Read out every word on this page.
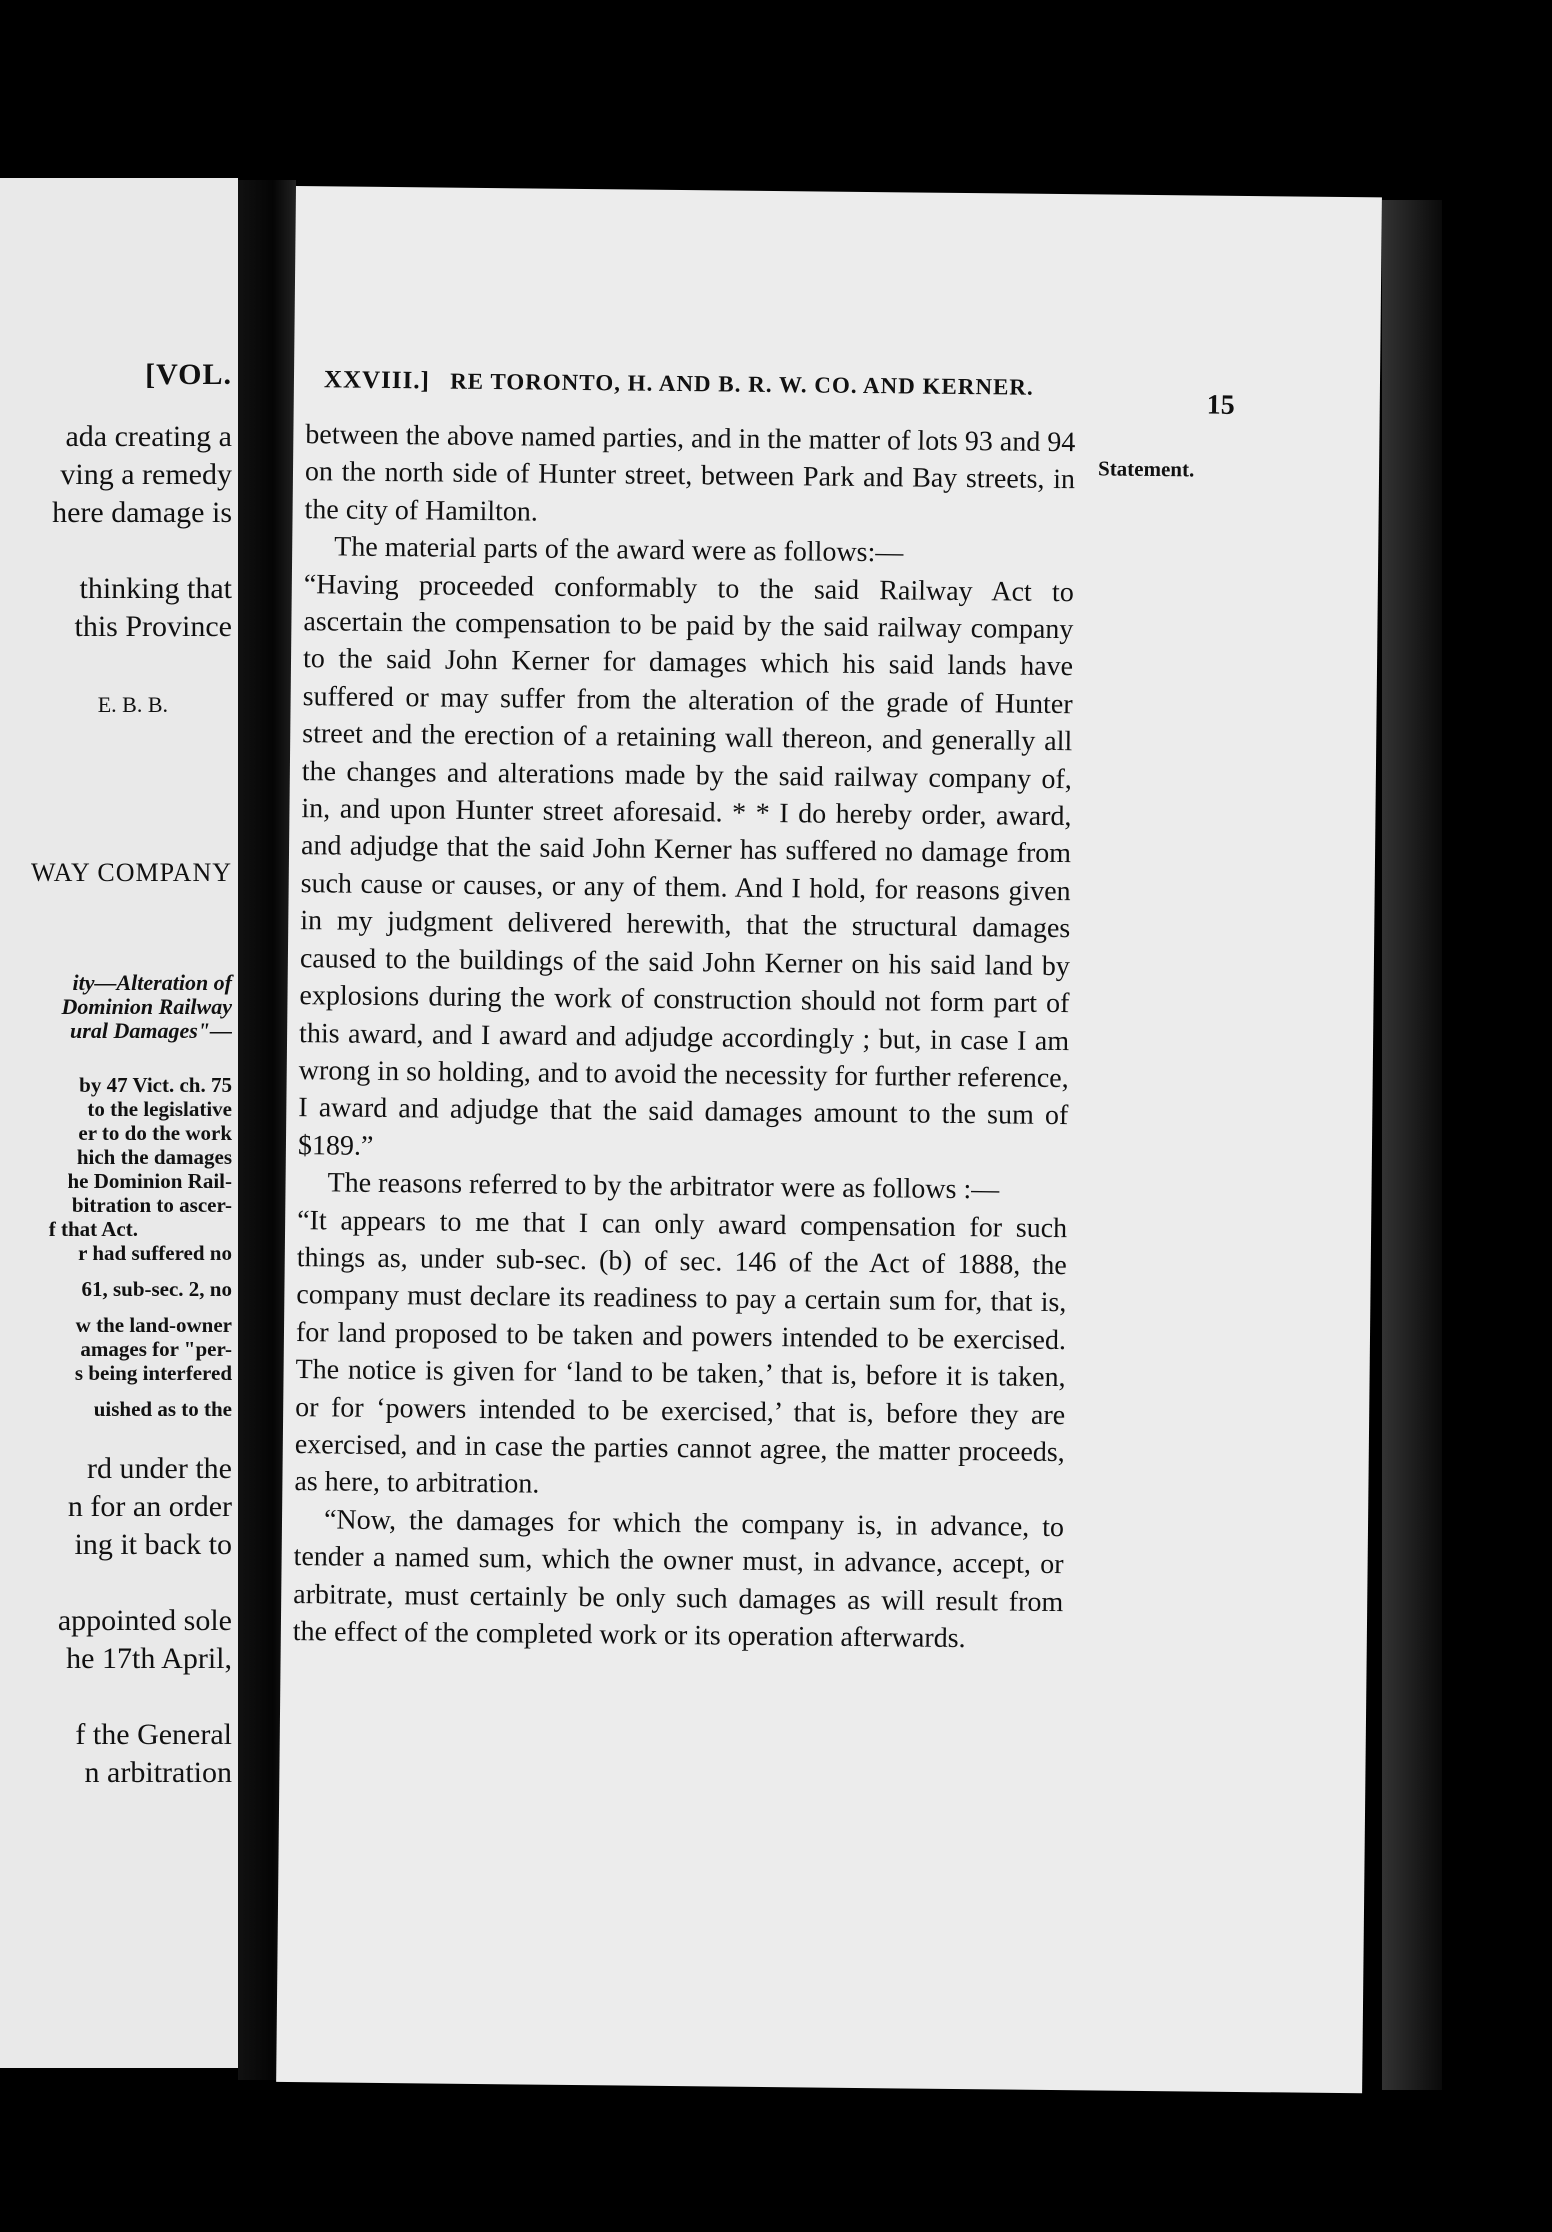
[VOL.
ada creating a
ving a remedy
here damage is
thinking that
this Province
E. B. B.
WAY COMPANY
ity—Alteration of
Dominion Railway
ural Damages"—
by 47 Vict. ch. 75
to the legislative
er to do the work
hich the damages
he Dominion Rail-
bitration to ascer-
f that Act.
r had suffered no
61, sub-sec. 2, no
w the land-owner
amages for "per-
s being interfered
uished as to the
rd under the
n for an order
ing it back to
appointed sole
he 17th April,
f the General
n arbitration
XXVIII.] RE TORONTO, H. AND B. R. W. CO. AND KERNER.
15
Statement.

between the above named parties, and in the matter of lots 93 and 94 on the north side of Hunter street, between Park and Bay streets, in the city of Hamilton.

The material parts of the award were as follows:—

“Having proceeded conformably to the said Railway Act to ascertain the compensation to be paid by the said railway company to the said John Kerner for damages which his said lands have suffered or may suffer from the alteration of the grade of Hunter street and the erection of a retaining wall thereon, and generally all the changes and alterations made by the said railway company of, in, and upon Hunter street aforesaid. * * I do hereby order, award, and adjudge that the said John Kerner has suffered no damage from such cause or causes, or any of them. And I hold, for reasons given in my judgment delivered herewith, that the structural damages caused to the buildings of the said John Kerner on his said land by explosions during the work of construction should not form part of this award, and I award and adjudge accordingly ; but, in case I am wrong in so holding, and to avoid the necessity for further reference, I award and adjudge that the said damages amount to the sum of $189.”

The reasons referred to by the arbitrator were as follows :—

“It appears to me that I can only award compensation for such things as, under sub-sec. (b) of sec. 146 of the Act of 1888, the company must declare its readiness to pay a certain sum for, that is, for land proposed to be taken and powers intended to be exercised. The notice is given for ‘land to be taken,’ that is, before it is taken, or for ‘powers intended to be exercised,’ that is, before they are exercised, and in case the parties cannot agree, the matter proceeds, as here, to arbitration.

“Now, the damages for which the company is, in advance, to tender a named sum, which the owner must, in advance, accept, or arbitrate, must certainly be only such damages as will result from the effect of the completed work or its operation afterwards.
